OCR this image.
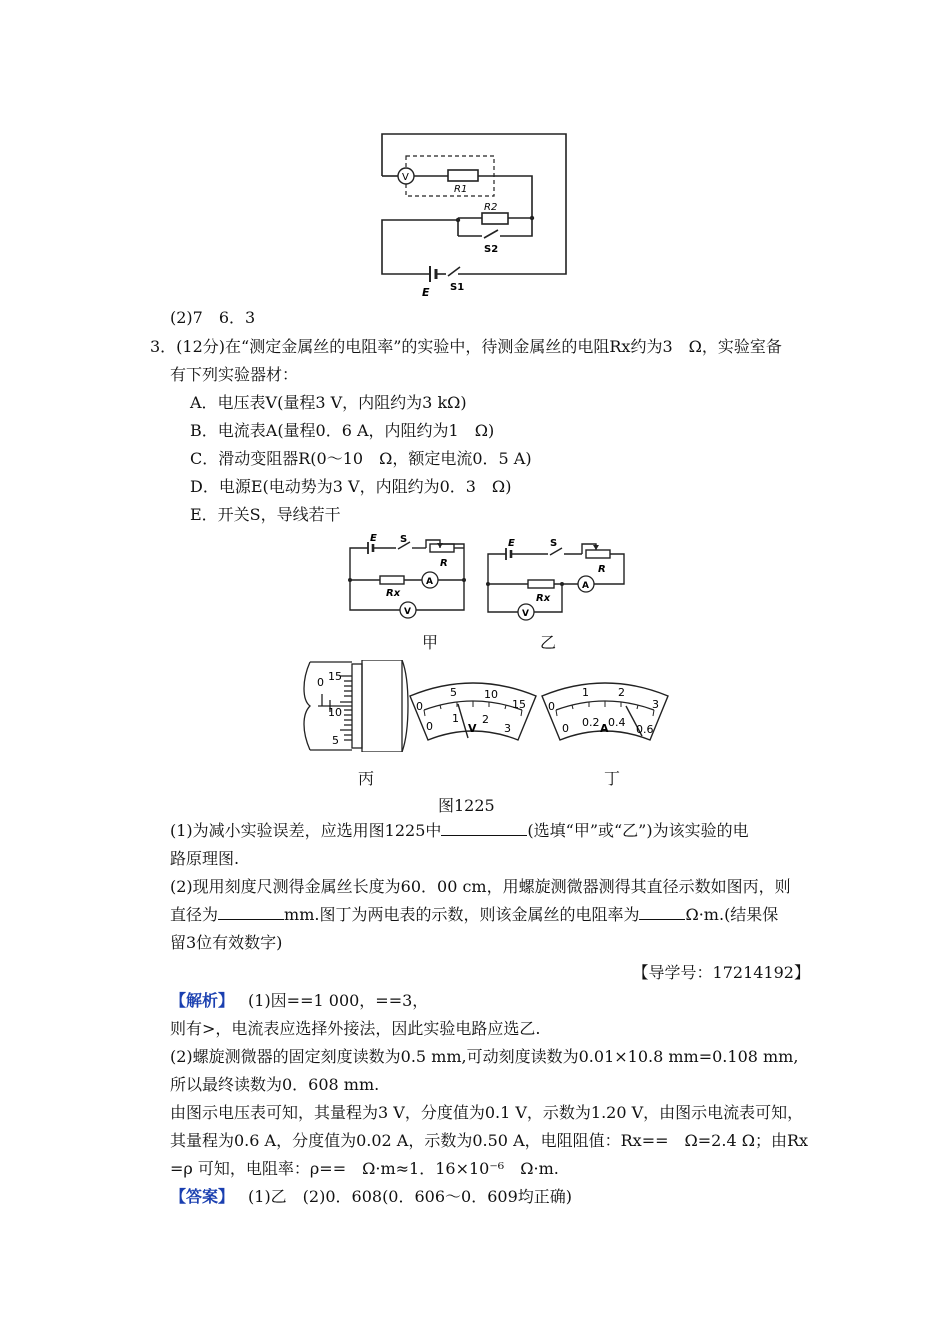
V
R1
R2
S2
E S1
(2)7　6．3
3．(12分)在“测定金属丝的电阻率”的实验中，待测金属丝的电阻Rx约为3　Ω，实验室备
有下列实验器材：
A．电压表V(量程3 V，内阻约为3 kΩ)
B．电流表A(量程0．6 A，内阻约为1　Ω)
C．滑动变阻器R(0～10　Ω，额定电流0．5 A)
D．电源E(电动势为3 V，内阻约为0．3　Ω)
E．开关S，导线若干
E S
R
Rx
A
V
E	S
R
Rx
A
V
甲	乙
0 15
10
5
0
5 10
15
0
1 2
3
V
0
1	2
3
0 0.2 0.4
0.6
A
丙	丁
图1225
(1)为减小实验误差，应选用图1225中	(选填“甲”或“乙”)为该实验的电
路原理图.
(2)现用刻度尺测得金属丝长度为60．00 cm，用螺旋测微器测得其直径示数如图丙，则
直径为	mm.图丁为两电表的示数，则该金属丝的电阻率为	Ω·m.(结果保
留3位有效数字)
【导学号：17214192】
【解析】 (1)因==1 000，==3，
则有>，电流表应选择外接法，因此实验电路应选乙.
(2)螺旋测微器的固定刻度读数为0.5 mm,可动刻度读数为0.01×10.8 mm=0.108 mm,
所以最终读数为0．608 mm.
由图示电压表可知，其量程为3 V，分度值为0.1 V，示数为1.20 V，由图示电流表可知，
其量程为0.6 A，分度值为0.02 A，示数为0.50 A，电阻阻值：Rx==　Ω=2.4 Ω；由Rx
=ρ 可知，电阻率：ρ==　Ω·m≈1．16×10⁻⁶　Ω·m.
【答案】 (1)乙　(2)0．608(0．606～0．609均正确)
